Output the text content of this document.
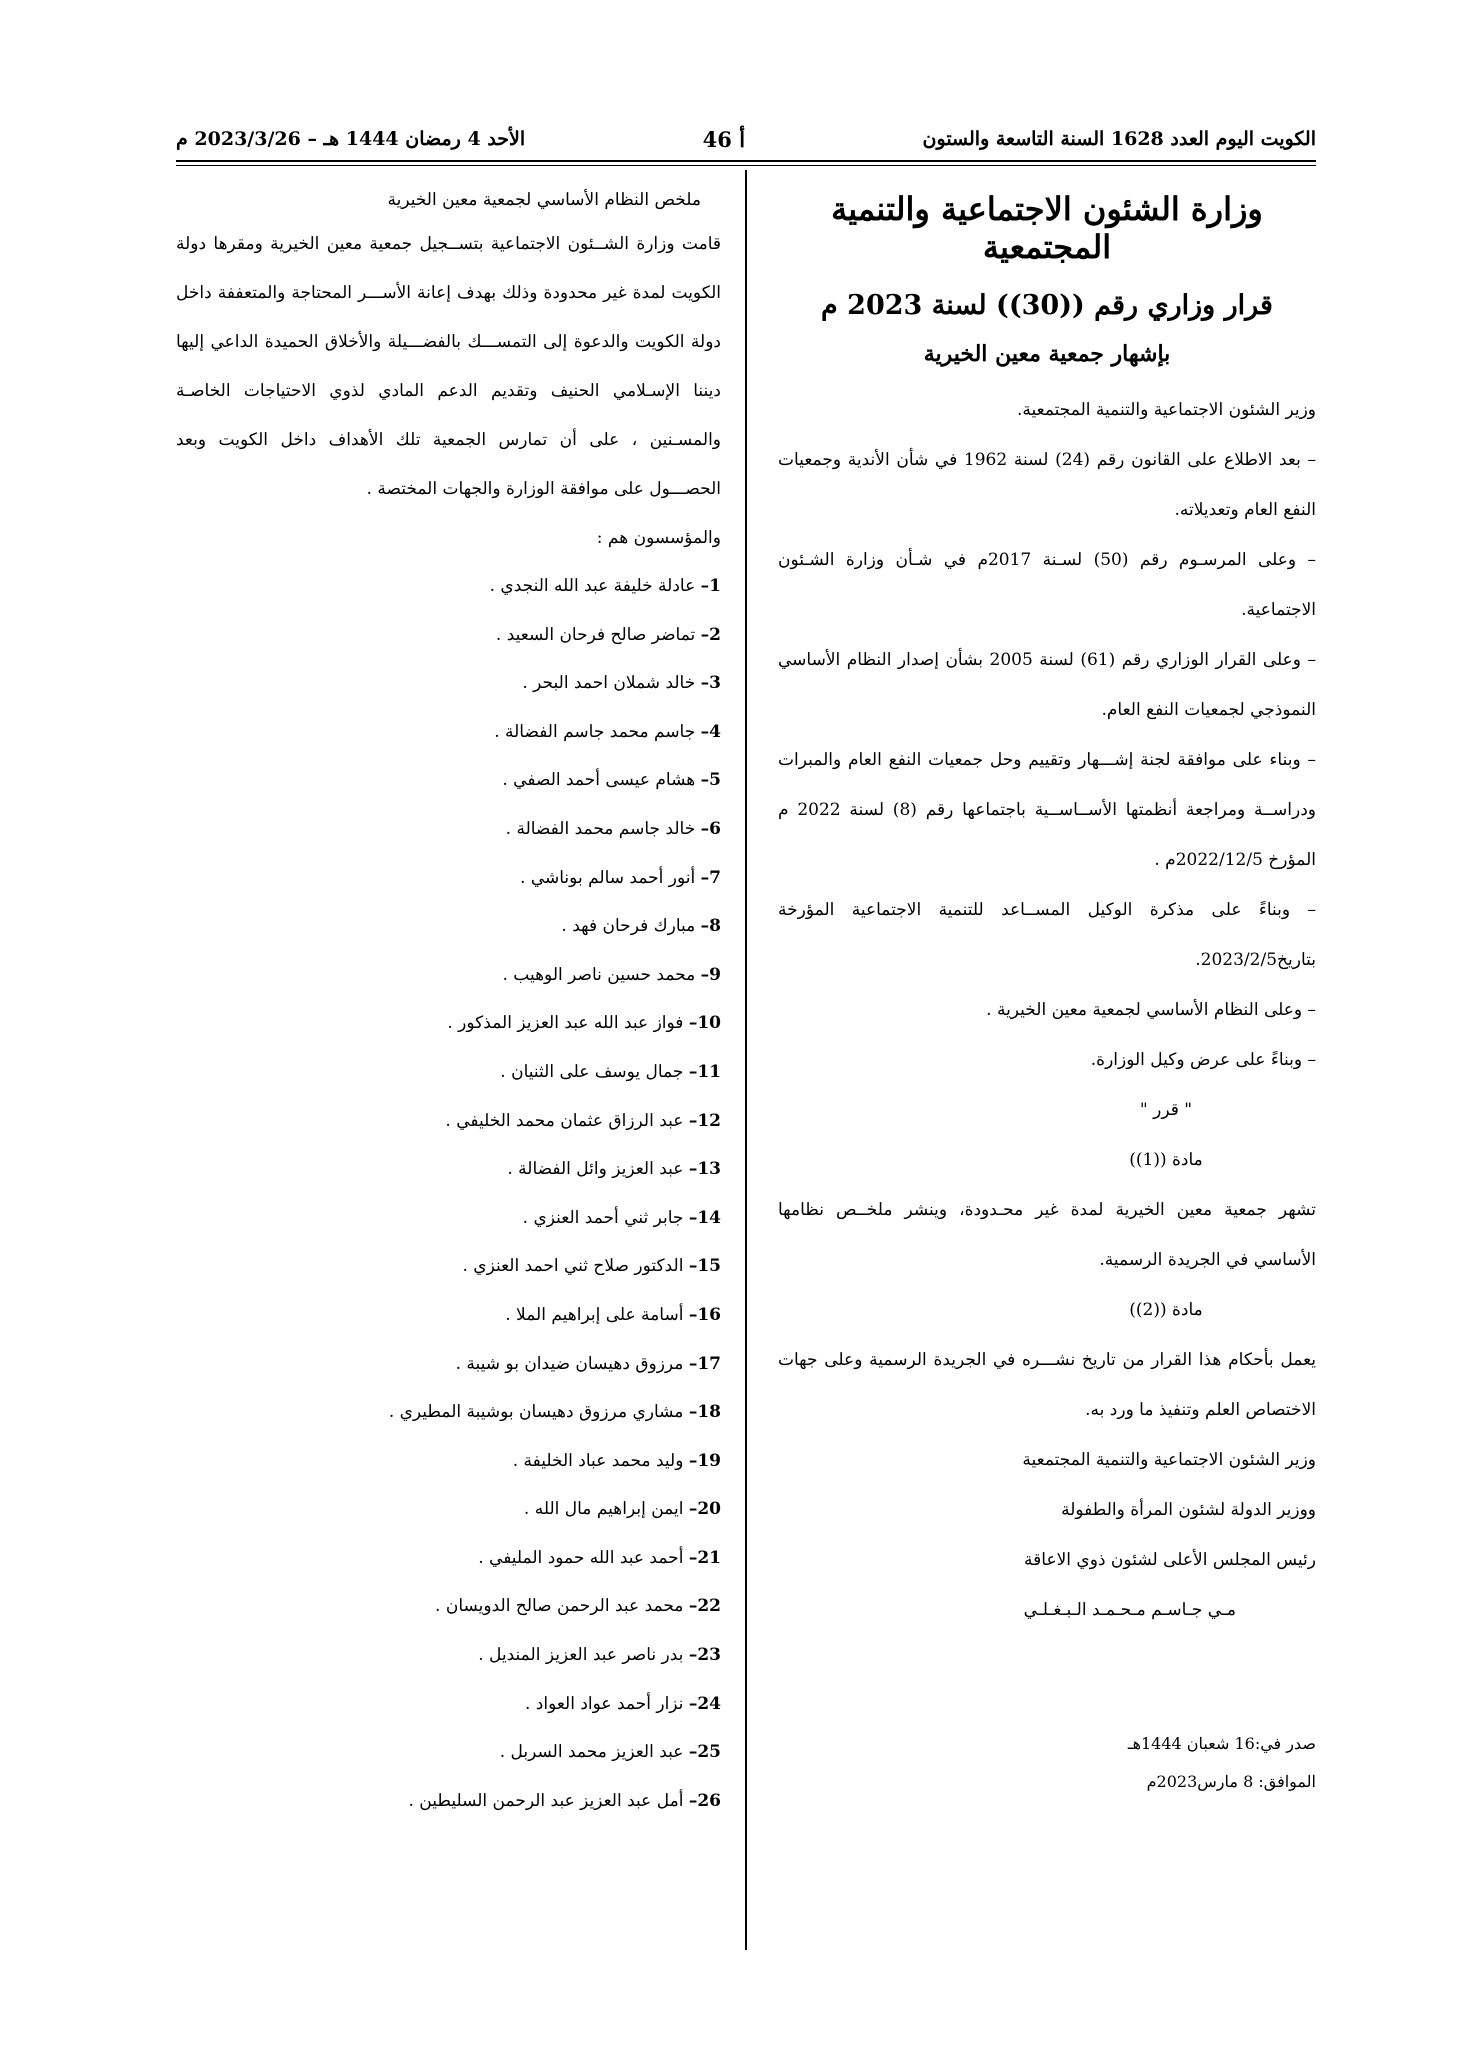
الكويت اليوم العدد 1628 السنة التاسعة والستون
أ 46
الأحد 4 رمضان 1444 هـ – 2023/3/26 م
وزارة الشئون الاجتماعية والتنمية المجتمعية
قرار وزاري رقم ((30)) لسنة 2023 م
بإشهار جمعية معين الخيرية

وزير الشئون الاجتماعية والتنمية المجتمعية.

– بعد الاطلاع على القانون رقم (24) لسنة 1962 في شأن الأندية وجمعيات النفع العام وتعديلاته.

– وعلى المرسـوم رقم (50) لسـنة 2017م في شـأن وزارة الشـئون الاجتماعية.

– وعلى القرار الوزاري رقم (61) لسنة 2005 بشأن إصدار النظام الأساسي النموذجي لجمعيات النفع العام.

– وبناء على موافقة لجنة إشـــهار وتقييم وحل جمعيات النفع العام والمبرات ودراســة ومراجعة أنظمتها الأســاســية باجتماعها رقم (8) لسنة 2022 م المؤرخ 2022/12/5م .

– وبناءً على مذكرة الوكيل المســاعد للتنمية الاجتماعية المؤرخة بتاريخ2023/2/5.

– وعلى النظام الأساسي لجمعية معين الخيرية .

– وبناءً على عرض وكيل الوزارة.

" قرر "

مادة ((1))

تشهر جمعية معين الخيرية لمدة غير محـدودة، وينشر ملخــص نظامها الأساسي في الجريدة الرسمية.

مادة ((2))

يعمل بأحكام هذا القرار من تاريخ نشـــره في الجريدة الرسمية وعلى جهات الاختصاص العلم وتنفيذ ما ورد به.

وزير الشئون الاجتماعية والتنمية المجتمعية

ووزير الدولة لشئون المرأة والطفولة

رئيس المجلس الأعلى لشئون ذوي الاعاقة

مـي جـاسـم مـحـمـد الـبـغـلـي

صدر في:16 شعبان 1444هـ

الموافق: 8 مارس2023م

ملخص النظام الأساسي لجمعية معين الخيرية

قامت وزارة الشــئون الاجتماعية بتســجيل جمعية معين الخيرية ومقرها دولة الكويت لمدة غير محدودة وذلك بهدف إعانة الأســـر المحتاجة والمتعففة داخل دولة الكويت والدعوة إلى التمســـك بالفضـــيلة والأخلاق الحميدة الداعي إليها ديننا الإسـلامي الحنيف وتقديم الدعم المادي لذوي الاحتياجات الخاصـة والمسـنين ، على أن تمارس الجمعية تلك الأهداف داخل الكويت وبعد الحصـــول على موافقة الوزارة والجهات المختصة .

والمؤسسون هم :

1– عادلة خليفة عبد الله النجدي .
2– تماضر صالح فرحان السعيد .
3– خالد شملان احمد البحر .
4– جاسم محمد جاسم الفضالة .
5– هشام عيسى أحمد الصفي .
6– خالد جاسم محمد الفضالة .
7– أنور أحمد سالم بوناشي .
8– مبارك فرحان فهد .
9– محمد حسين ناصر الوهيب .
10– فواز عبد الله عبد العزيز المذكور .
11– جمال يوسف على الثنيان .
12– عبد الرزاق عثمان محمد الخليفي .
13– عبد العزيز وائل الفضالة .
14– جابر ثني أحمد العنزي .
15– الدكتور صلاح ثني احمد العنزي .
16– أسامة على إبراهيم الملا .
17– مرزوق دهيسان ضيدان بو شيبة .
18– مشاري مرزوق دهيسان بوشيبة المطيري .
19– وليد محمد عباد الخليفة .
20– ايمن إبراهيم مال الله .
21– أحمد عبد الله حمود المليفي .
22– محمد عبد الرحمن صالح الدويسان .
23– بدر ناصر عبد العزيز المنديل .
24– نزار أحمد عواد العواد .
25– عبد العزيز محمد السربل .
26– أمل عبد العزيز عبد الرحمن السليطين .
